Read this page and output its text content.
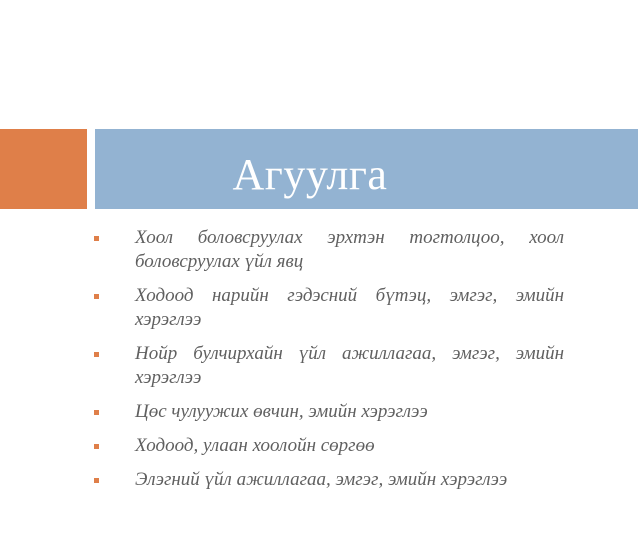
Агуулга
Хоол боловсруулах эрхтэн тогтолцоо, хоол боловсруулах үйл явц
Ходоод нарийн гэдэсний бүтэц, эмгэг, эмийн хэрэглээ
Нойр булчирхайн үйл ажиллагаа, эмгэг, эмийн хэрэглээ
Цөс чулуужих өвчин, эмийн хэрэглээ
Ходоод, улаан хоолойн сөргөө
Элэгний үйл ажиллагаа, эмгэг, эмийн хэрэглээ
